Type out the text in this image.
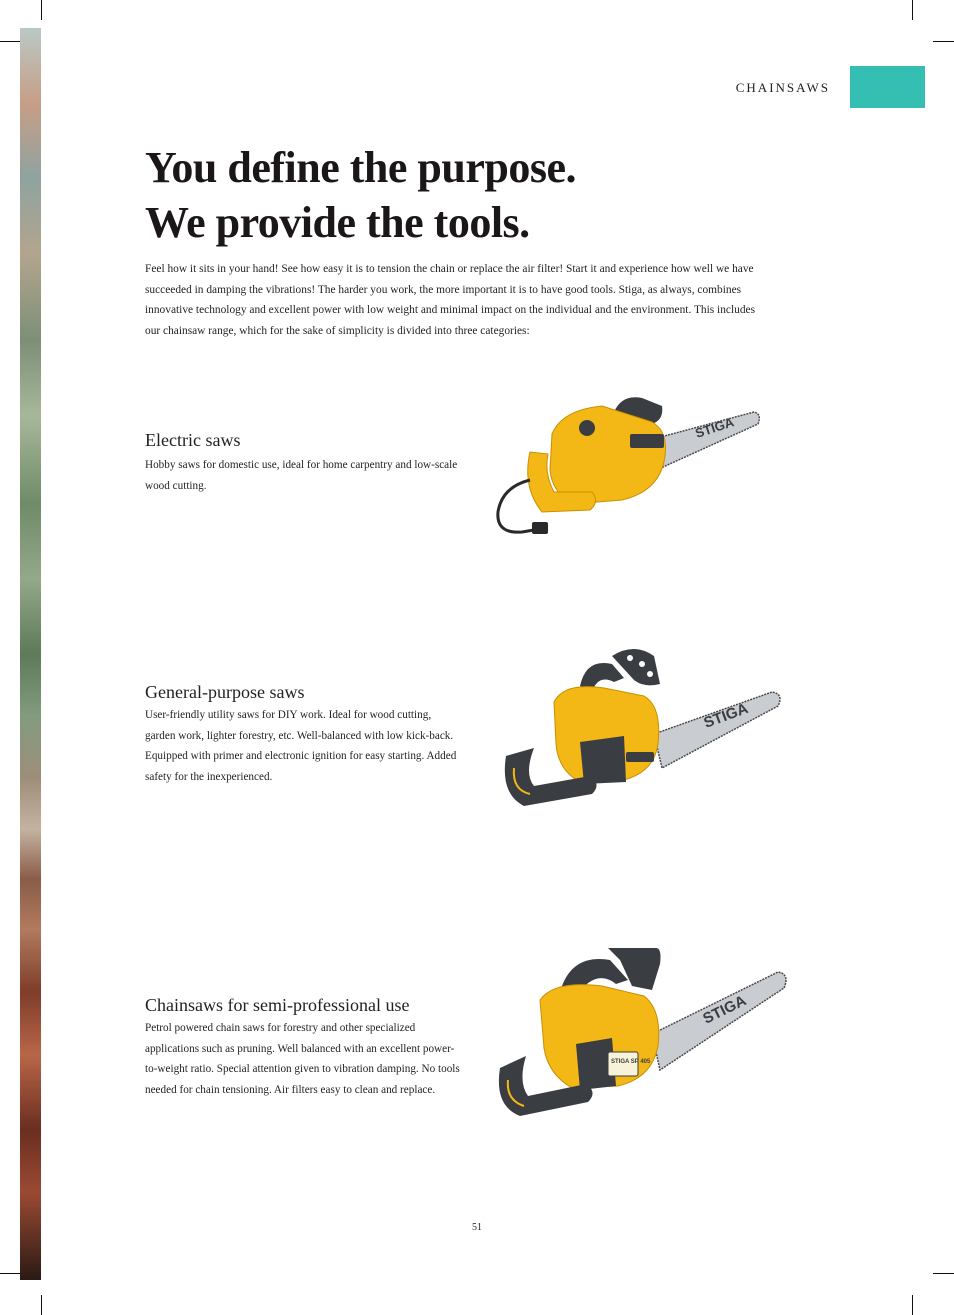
CHAINSAWS
You define the purpose.
We provide the tools.

Feel how it sits in your hand! See how easy it is to tension the chain or replace the air filter! Start it and experience how well we have succeeded in damping the vibrations! The harder you work, the more important it is to have good tools. Stiga, as always, combines innovative technology and excellent power with low weight and minimal impact on the individual and the environment. This includes our chainsaw range, which for the sake of simplicity is divided into three categories:

Electric saws

Hobby saws for domestic use, ideal for home carpentry and low-scale wood cutting.

STIGA
General-purpose saws

User-friendly utility saws for DIY work. Ideal for wood cutting, garden work, lighter forestry, etc. Well-balanced with low kick-back. Equipped with primer and electronic ignition for easy starting. Added safety for the inexperienced.

STIGA
Chainsaws for semi-professional use

Petrol powered chain saws for forestry and other specialized applications such as pruning. Well balanced with an excellent power-to-weight ratio. Special attention given to vibration damping. No tools needed for chain tensioning. Air filters easy to clean and replace.

STIGA
STIGA SP 405
51
